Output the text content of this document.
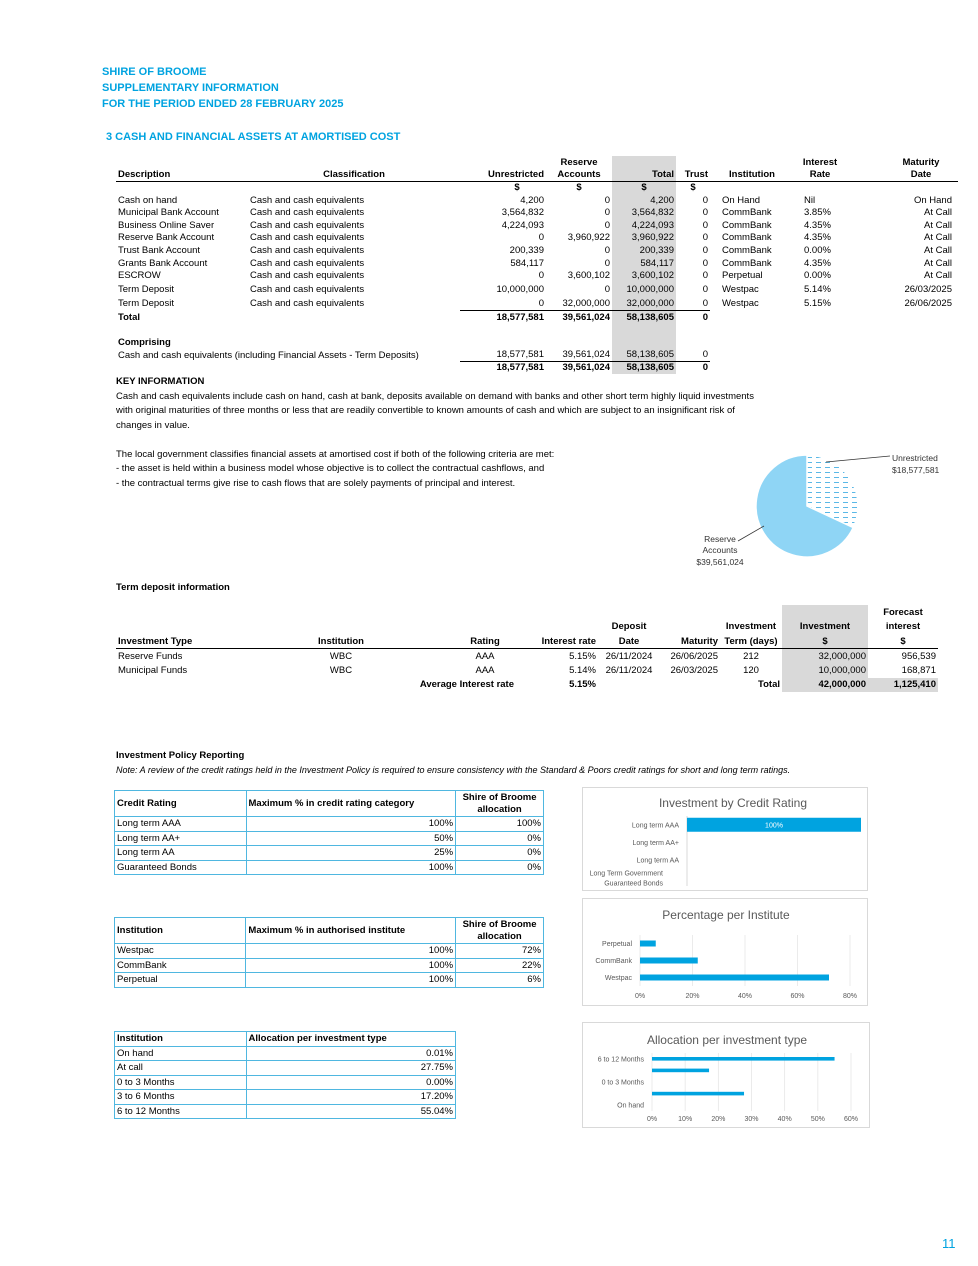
SHIRE OF BROOME
SUPPLEMENTARY INFORMATION
FOR THE PERIOD ENDED 28 FEBRUARY 2025
3 CASH AND FINANCIAL ASSETS AT AMORTISED COST
			Reserve				Interest	Maturity
Description	Classification	Unrestricted	Accounts	Total	Trust	Institution	Rate	Date
		$	$	$	$			
Cash on hand	Cash and cash equivalents	4,200	0	4,200	0	On Hand	Nil	On Hand
Municipal Bank Account	Cash and cash equivalents	3,564,832	0	3,564,832	0	CommBank	3.85%	At Call
Business Online Saver	Cash and cash equivalents	4,224,093	0	4,224,093	0	CommBank	4.35%	At Call
Reserve Bank Account	Cash and cash equivalents	0	3,960,922	3,960,922	0	CommBank	4.35%	At Call
Trust Bank Account	Cash and cash equivalents	200,339	0	200,339	0	CommBank	0.00%	At Call
Grants Bank Account	Cash and cash equivalents	584,117	0	584,117	0	CommBank	4.35%	At Call
ESCROW	Cash and cash equivalents	0	3,600,102	3,600,102	0	Perpetual	0.00%	At Call
Term Deposit	Cash and cash equivalents	10,000,000	0	10,000,000	0	Westpac	5.14%	26/03/2025
Term Deposit	Cash and cash equivalents	0	32,000,000	32,000,000	0	Westpac	5.15%	26/06/2025
Total		18,577,581	39,561,024	58,138,605	0			

Comprising								
Cash and cash equivalents (including Financial Assets - Term Deposits)		18,577,581	39,561,024	58,138,605	0			
		18,577,581	39,561,024	58,138,605	0			
KEY INFORMATION
Cash and cash equivalents include cash on hand, cash at bank, deposits available on demand with banks and other short term highly liquid investments
with original maturities of three months or less that are readily convertible to known amounts of cash and which are subject to an insignificant risk of
changes in value.
The local government classifies financial assets at amortised cost if both of the following criteria are met:
- the asset is held within a business model whose objective is to collect the contractual cashflows, and
- the contractual terms give rise to cash flows that are solely payments of principal and interest.
Unrestricted
$18,577,581
Reserve
Accounts
$39,561,024
Term deposit information
								Forecast
				Deposit		Investment	Investment	interest
Investment Type	Institution	Rating	Interest rate	Date	Maturity	Term (days)	$	$
Reserve Funds	WBC	AAA	5.15%	26/11/2024	26/06/2025	212	32,000,000	956,539
Municipal Funds	WBC	AAA	5.14%	26/11/2024	26/03/2025	120	10,000,000	168,871
		Average Interest rate	5.15%			Total	42,000,000	1,125,410
Investment Policy Reporting
Note: A review of the credit ratings held in the Investment Policy is required to ensure consistency with the Standard & Poors credit ratings for short and long term ratings.
Credit Rating	Maximum % in credit rating category	Shire of Broome
allocation

Long term AAA	100%	100%
Long term AA+	50%	0%
Long term AA	25%	0%
Guaranteed Bonds	100%	0%
Institution	Maximum % in authorised institute	Shire of Broome
allocation

Westpac	100%	72%
CommBank	100%	22%
Perpetual	100%	6%
Institution	Allocation per investment type
On hand	0.01%
At call	27.75%
0 to 3 Months	0.00%
3 to 6 Months	17.20%
6 to 12 Months	55.04%
Investment by Credit Rating
100%
Long term AAA
Long term AA+
Long term AA
Long Term Government
Guaranteed Bonds
Percentage per Institute
0%	20%	40%	60%	80%
Perpetual
CommBank
Westpac
Allocation per investment type
0%	10%	20%	30%	40%	50%	60%
6 to 12 Months
0 to 3 Months
On hand
11
